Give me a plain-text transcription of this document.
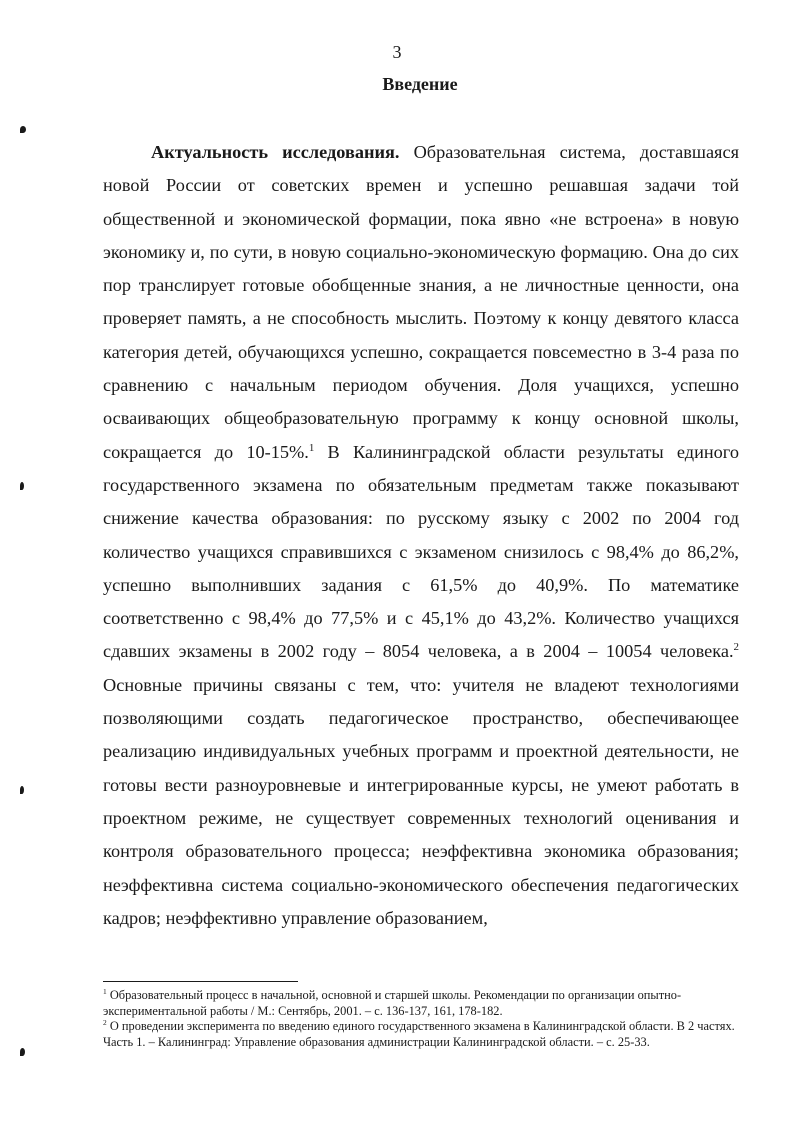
3
Введение

Актуальность исследования. Образовательная система, доставшаяся новой России от советских времен и успешно решавшая задачи той общественной и экономической формации, пока явно «не встроена» в новую экономику и, по сути, в новую социально-экономическую формацию. Она до сих пор транслирует готовые обобщенные знания, а не личностные ценности, она проверяет память, а не способность мыслить. Поэтому к концу девятого класса категория детей, обучающихся успешно, сокращается повсеместно в 3-4 раза по сравнению с начальным периодом обучения. Доля учащихся, успешно осваивающих общеобразовательную программу к концу основной школы, сокращается до 10-15%.$^1$ В Калининградской области результаты единого государственного экзамена по обязательным предметам также показывают снижение качества образования: по русскому языку с 2002 по 2004 год количество учащихся справившихся с экзаменом снизилось с 98,4% до 86,2%, успешно выполнивших задания с 61,5% до 40,9%. По математике соответственно с 98,4% до 77,5% и с 45,1% до 43,2%. Количество учащихся сдавших экзамены в 2002 году – 8054 человека, а в 2004 – 10054 человека.$^2$ Основные причины связаны с тем, что: учителя не владеют технологиями позволяющими создать педагогическое пространство, обеспечивающее реализацию индивидуальных учебных программ и проектной деятельности, не готовы вести разноуровневые и интегрированные курсы, не умеют работать в проектном режиме, не существует современных технологий оценивания и контроля образовательного процесса; неэффективна экономика образования; неэффективна система социально-экономического обеспечения педагогических кадров; неэффективно управление образованием,

$^1$ Образовательный процесс в начальной, основной и старшей школы. Рекомендации по организации опытно-экспериментальной работы / М.: Сентябрь, 2001. – с. 136-137, 161, 178-182.

$^2$ О проведении эксперимента по введению единого государственного экзамена в Калининградской области. В 2 частях. Часть 1. – Калининград: Управление образования администрации Калининградской области. – с. 25-33.
